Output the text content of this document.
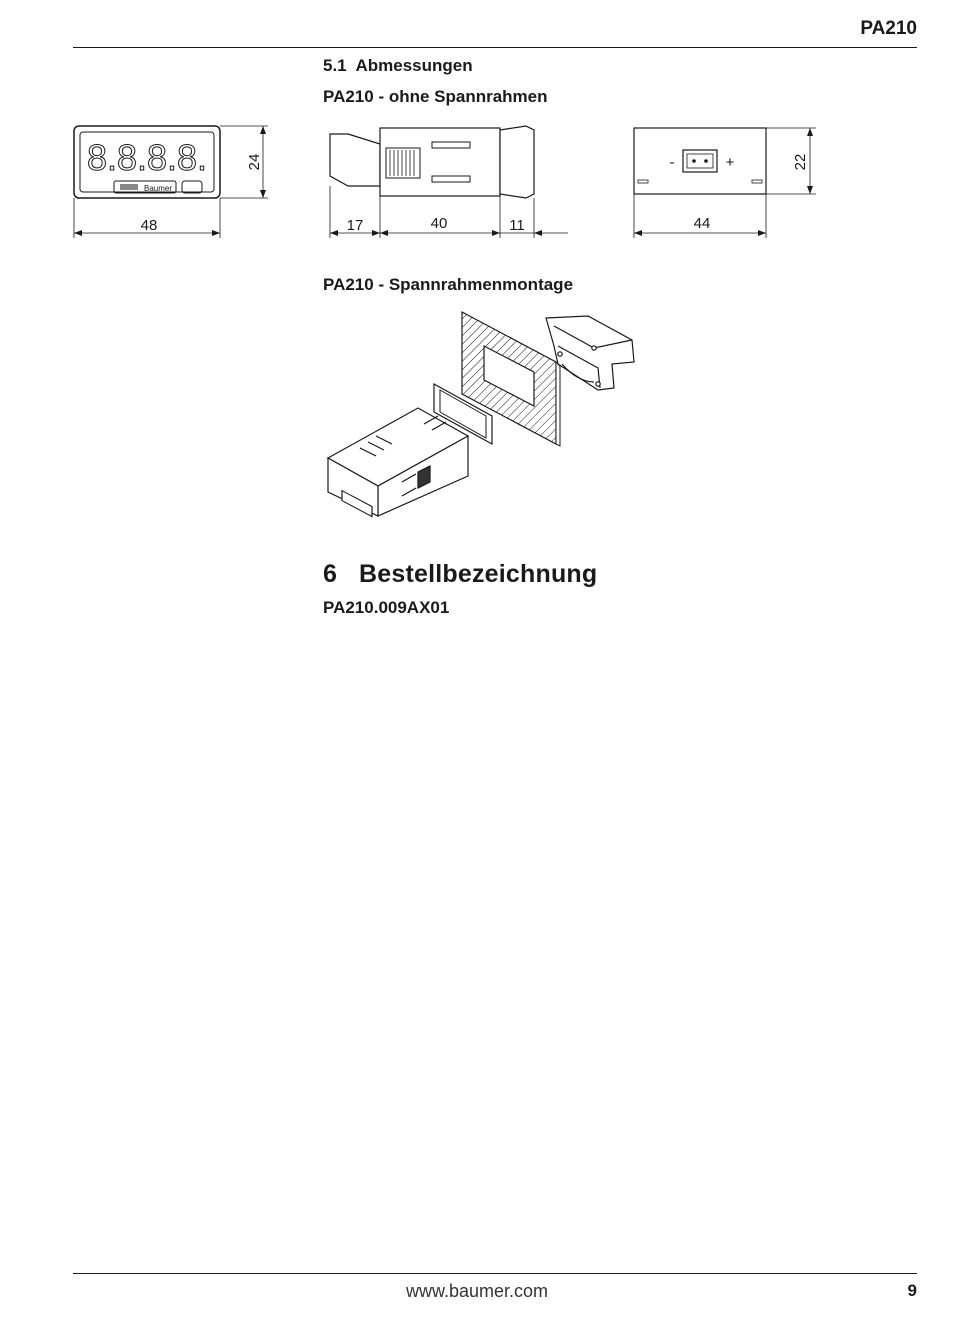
PA210
5.1 Abmessungen
PA210 - ohne Spannrahmen
8.8.8.8.
Baumer
24
48	17	40	11
-	+	22
44
PA210 - Spannrahmenmontage
6 Bestellbezeichnung
PA210.009AX01
www.baumer.com	9
